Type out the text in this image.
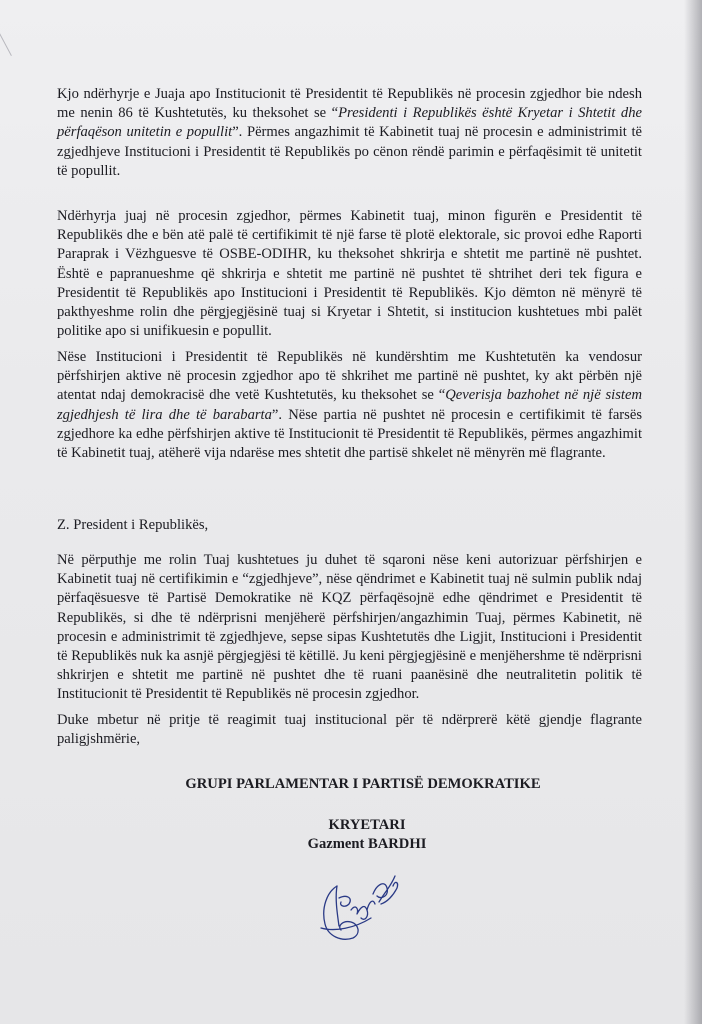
Kjo ndërhyrje e Juaja apo Institucionit të Presidentit të Republikës në procesin zgjedhor bie ndesh me nenin 86 të Kushtetutës, ku theksohet se “Presidenti i Republikës është Kryetar i Shtetit dhe përfaqëson unitetin e popullit”. Përmes angazhimit të Kabinetit tuaj në procesin e administrimit të zgjedhjeve Institucioni i Presidentit të Republikës po cënon rëndë parimin e përfaqësimit të unitetit të popullit.

Ndërhyrja juaj në procesin zgjedhor, përmes Kabinetit tuaj, minon figurën e Presidentit të Republikës dhe e bën atë palë të certifikimit të një farse të plotë elektorale, sic provoi edhe Raporti Paraprak i Vëzhguesve të OSBE-ODIHR, ku theksohet shkrirja e shtetit me partinë në pushtet. Është e papranueshme që shkrirja e shtetit me partinë në pushtet të shtrihet deri tek figura e Presidentit të Republikës apo Institucioni i Presidentit të Republikës. Kjo dëmton në mënyrë të pakthyeshme rolin dhe përgjegjësinë tuaj si Kryetar i Shtetit, si institucion kushtetues mbi palët politike apo si unifikuesin e popullit.

Nëse Institucioni i Presidentit të Republikës në kundërshtim me Kushtetutën ka vendosur përfshirjen aktive në procesin zgjedhor apo të shkrihet me partinë në pushtet, ky akt përbën një atentat ndaj demokracisë dhe vetë Kushtetutës, ku theksohet se “Qeverisja bazhohet në një sistem zgjedhjesh të lira dhe të barabarta”. Nëse partia në pushtet në procesin e certifikimit të farsës zgjedhore ka edhe përfshirjen aktive të Institucionit të Presidentit të Republikës, përmes angazhimit të Kabinetit tuaj, atëherë vija ndarëse mes shtetit dhe partisë shkelet në mënyrën më flagrante.

Z. President i Republikës,

Në përputhje me rolin Tuaj kushtetues ju duhet të sqaroni nëse keni autorizuar përfshirjen e Kabinetit tuaj në certifikimin e “zgjedhjeve”, nëse qëndrimet e Kabinetit tuaj në sulmin publik ndaj përfaqësuesve të Partisë Demokratike në KQZ përfaqësojnë edhe qëndrimet e Presidentit të Republikës, si dhe të ndërprisni menjëherë përfshirjen/angazhimin Tuaj, përmes Kabinetit, në procesin e administrimit të zgjedhjeve, sepse sipas Kushtetutës dhe Ligjit, Institucioni i Presidentit të Republikës nuk ka asnjë përgjegjësi të këtillë. Ju keni përgjegjësinë e menjëhershme të ndërprisni shkrirjen e shtetit me partinë në pushtet dhe të ruani paanësinë dhe neutralitetin politik të Institucionit të Presidentit të Republikës në procesin zgjedhor.

Duke mbetur në pritje të reagimit tuaj institucional për të ndërprerë këtë gjendje flagrante paligjshmërie,

GRUPI PARLAMENTAR I PARTISË DEMOKRATIKE
KRYETARI
Gazment BARDHI
